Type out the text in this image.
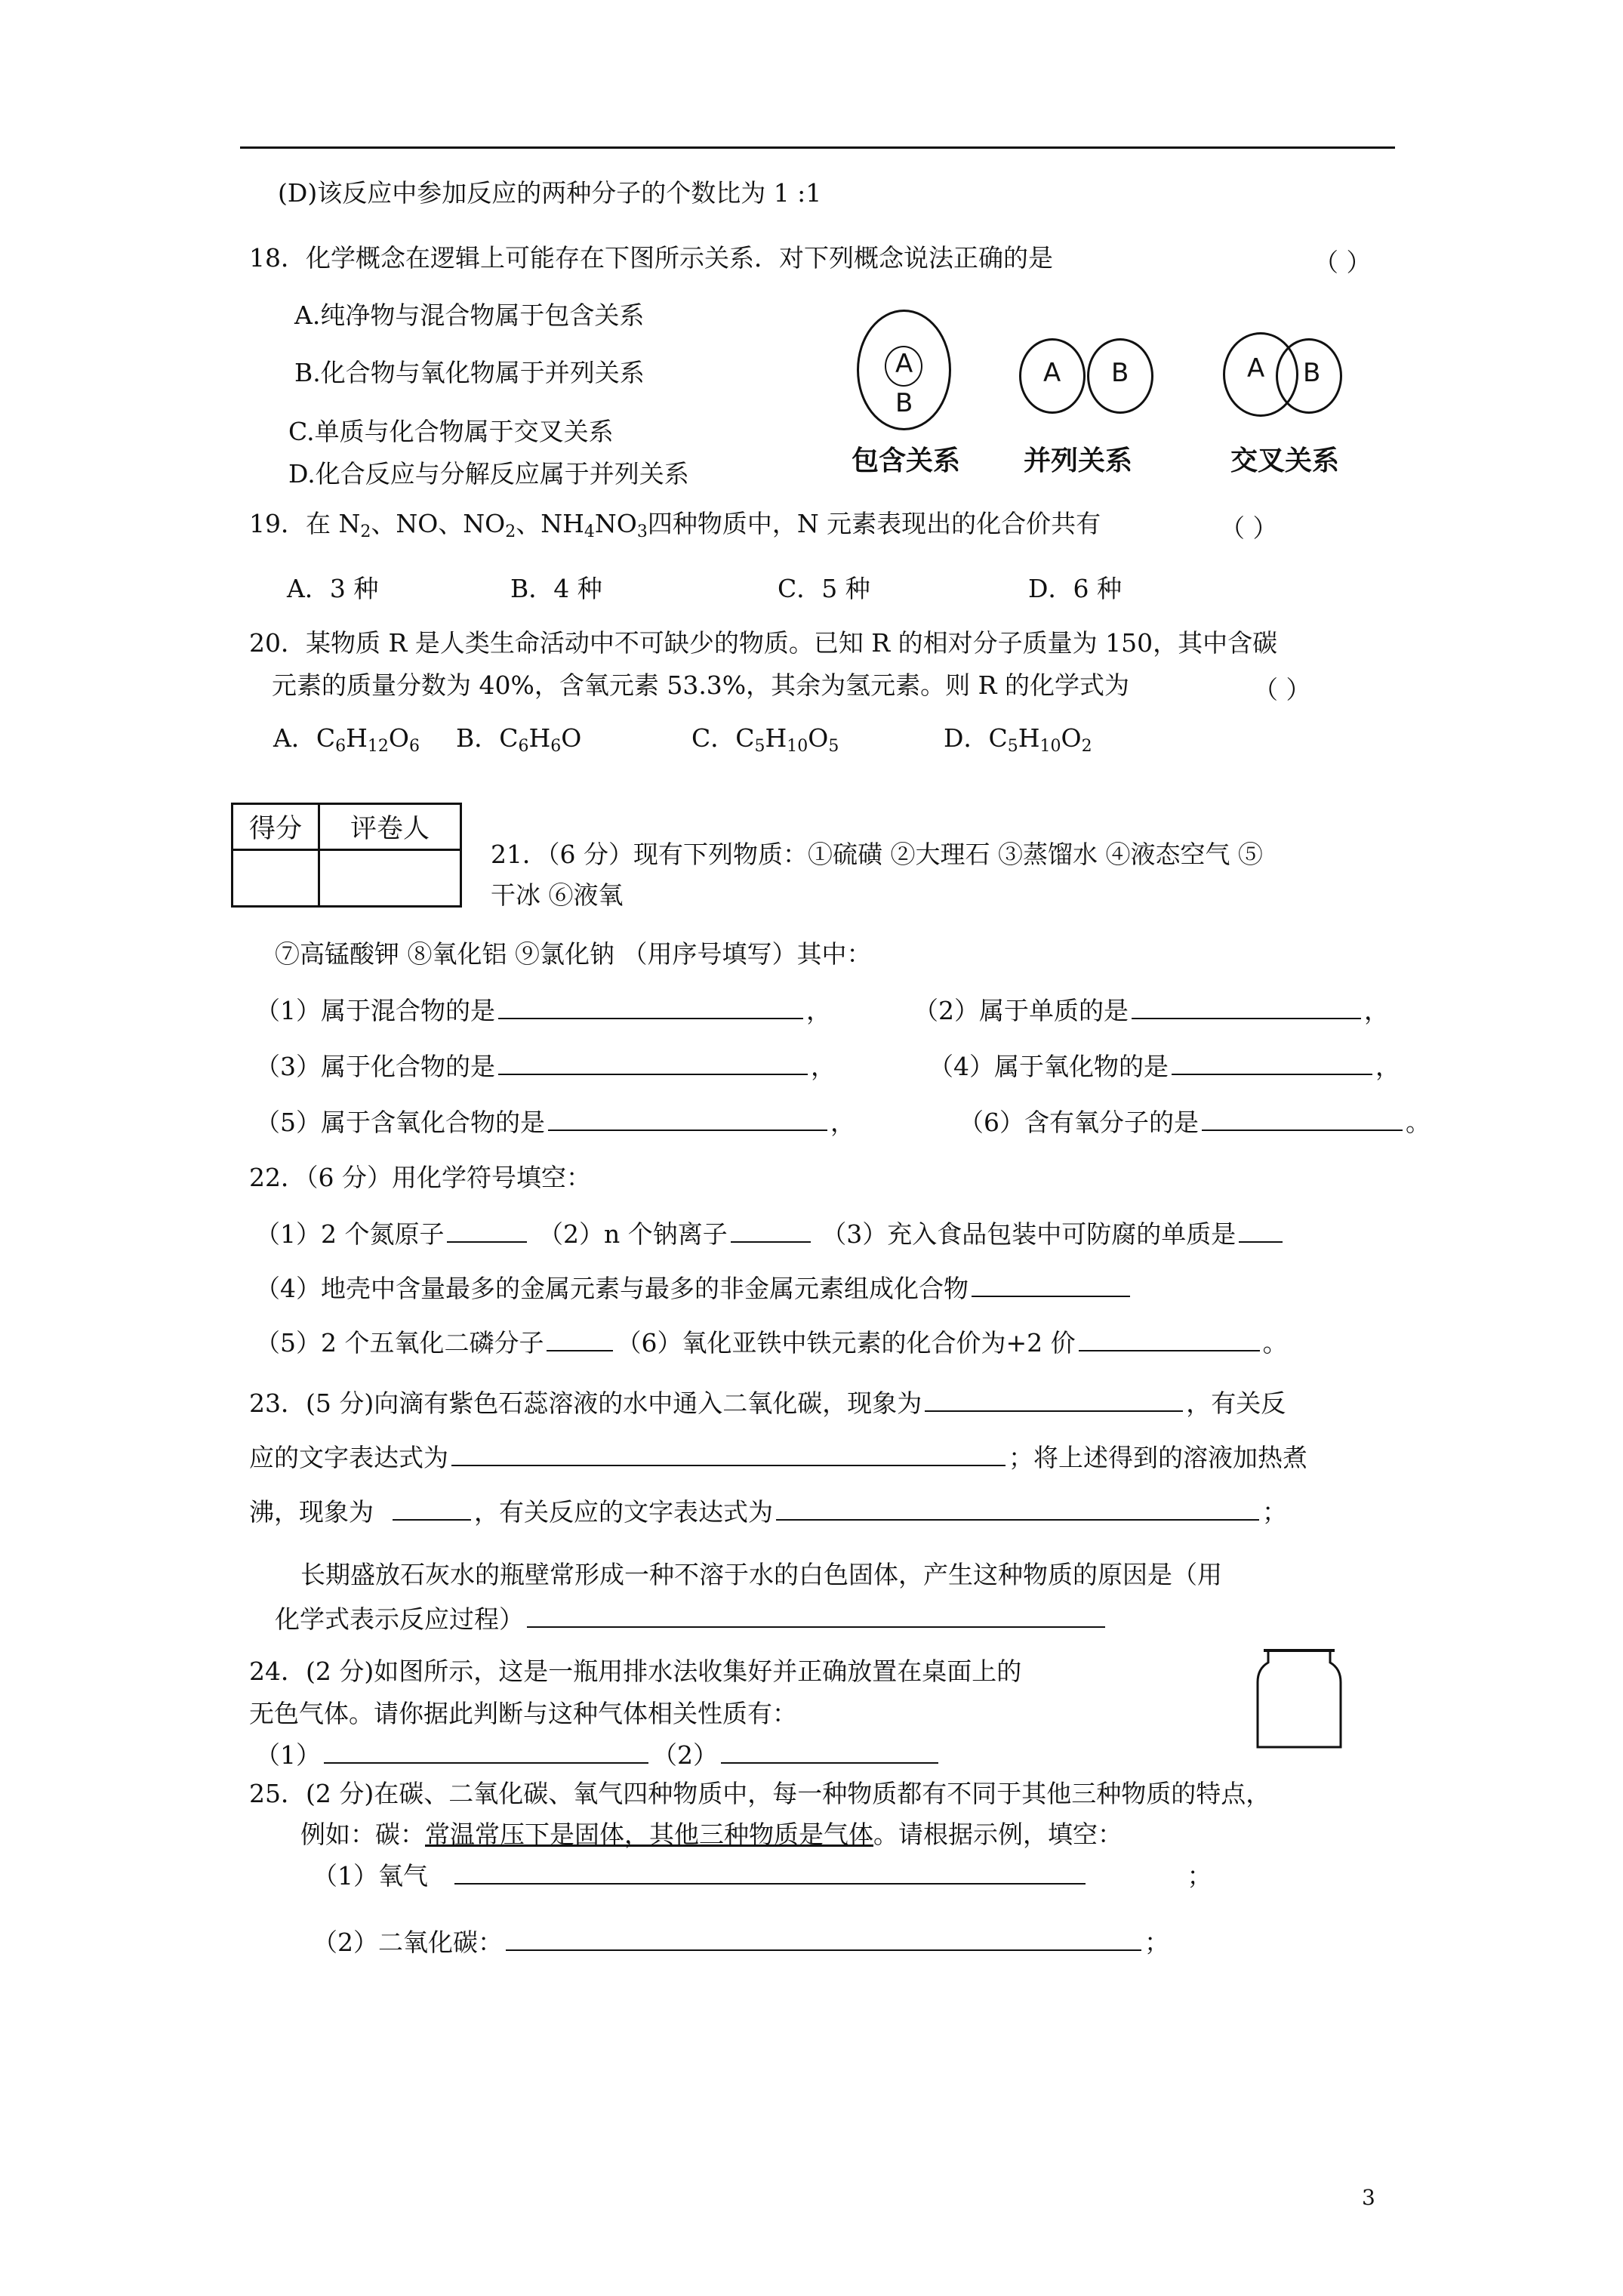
(D)该反应中参加反应的两种分子的个数比为 1 :1
18．化学概念在逻辑上可能存在下图所示关系．对下列概念说法正确的是	（ ）
A.纯净物与混合物属于包含关系
B.化合物与氧化物属于并列关系
C.单质与化合物属于交叉关系
D.化合反应与分解反应属于并列关系
A
B
包含关系
A B
并列关系
A B
交叉关系
19．在 $N_2$、NO、$NO_2$、$NH_4NO_3$四种物质中，N 元素表现出的化合价共有	（ ）
A．3 种	B．4 种	C．5 种	D．6 种
20．某物质 R 是人类生命活动中不可缺少的物质。已知 R 的相对分子质量为 150，其中含碳
元素的质量分数为 40%，含氧元素 53.3%，其余为氢元素。则 R 的化学式为	（ ）
A．$C_6H_{12}O_6$ B．$C_6H_6O$	C．$C_5H_{10}O_5$	D．$C_5H_{10}O_2$
得分	评卷人

21．（6 分）现有下列物质：①硫磺 ②大理石 ③蒸馏水 ④液态空气 ⑤
干冰 ⑥液氧
⑦高锰酸钾 ⑧氧化铝 ⑨氯化钠 （用序号填写）其中：
（1）属于混合物的是	，	（2）属于单质的是	，
（3）属于化合物的是	，	（4）属于氧化物的是	，
（5）属于含氧化合物的是	，	（6）含有氧分子的是	。
22．（6 分）用化学符号填空：
（1）2 个氮原子	（2）n 个钠离子	（3）充入食品包装中可防腐的单质是
（4）地壳中含量最多的金属元素与最多的非金属元素组成化合物
（5）2 个五氧化二磷分子	（6）氧化亚铁中铁元素的化合价为+2 价	。
23．(5 分)向滴有紫色石蕊溶液的水中通入二氧化碳，现象为	，有关反
应的文字表达式为	；将上述得到的溶液加热煮
沸，现象为	，有关反应的文字表达式为	；
长期盛放石灰水的瓶壁常形成一种不溶于水的白色固体，产生这种物质的原因是（用
化学式表示反应过程）
24．(2 分)如图所示，这是一瓶用排水法收集好并正确放置在桌面上的
无色气体。请你据此判断与这种气体相关性质有：
（1）	（2）
25．(2 分)在碳、二氧化碳、氧气四种物质中，每一种物质都有不同于其他三种物质的特点，
例如：碳：常温常压下是固体，其他三种物质是气体。请根据示例，填空：
（1）氧气	；
（2）二氧化碳：	；
3
